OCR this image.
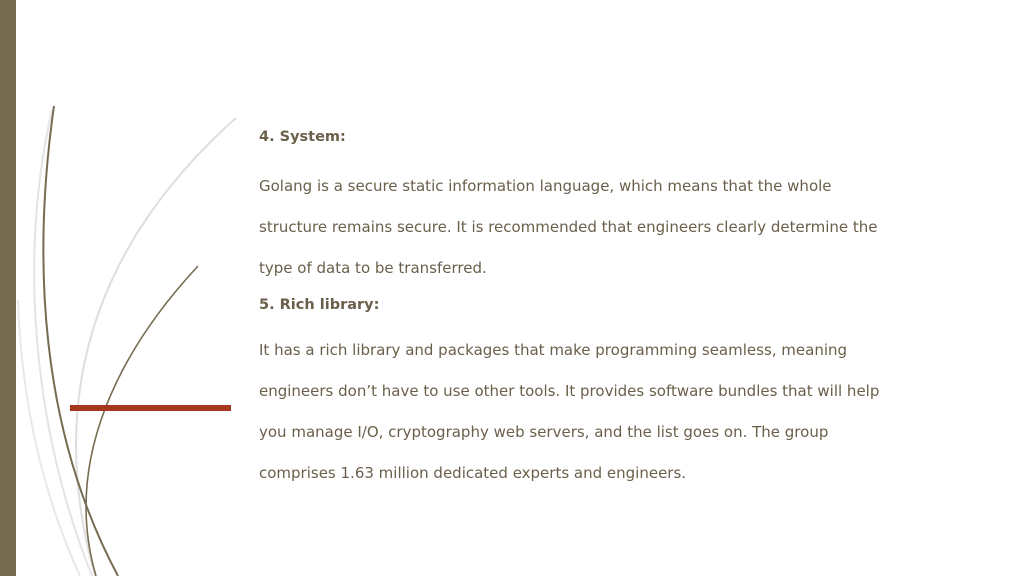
4. System:

Golang is a secure static information language, which means that the whole

structure remains secure. It is recommended that engineers clearly determine the

type of data to be transferred.

5. Rich library:

It has a rich library and packages that make programming seamless, meaning

engineers don’t have to use other tools. It provides software bundles that will help

you manage I/O, cryptography web servers, and the list goes on. The group

comprises 1.63 million dedicated experts and engineers.
